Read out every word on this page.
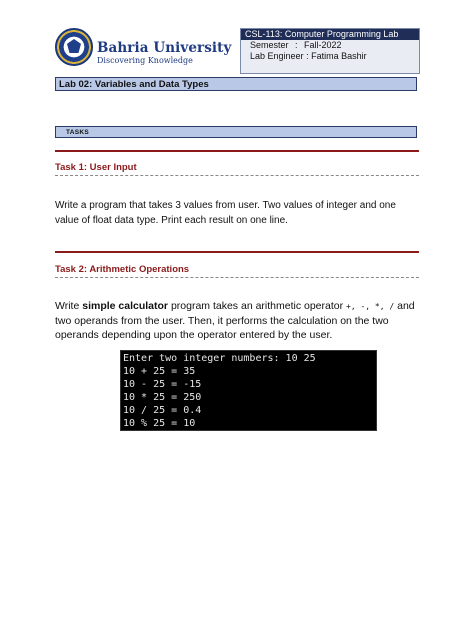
Bahria University
Discovering Knowledge
CSL-113: Computer Programming Lab
Semester : Fall-2022
Lab Engineer : Fatima Bashir
Lab 02: Variables and Data Types
TASKS
Task 1: User Input
Write a program that takes 3 values from user. Two values of integer and one value of float data type. Print each result on one line.
Task 2: Arithmetic Operations
Write simple calculator program takes an arithmetic operator +, -, *, / and two operands from the user. Then, it performs the calculation on the two operands depending upon the operator entered by the user.
Enter two integer numbers: 10 25
10 + 25 = 35
10 - 25 = -15
10 * 25 = 250
10 / 25 = 0.4
10 % 25 = 10
